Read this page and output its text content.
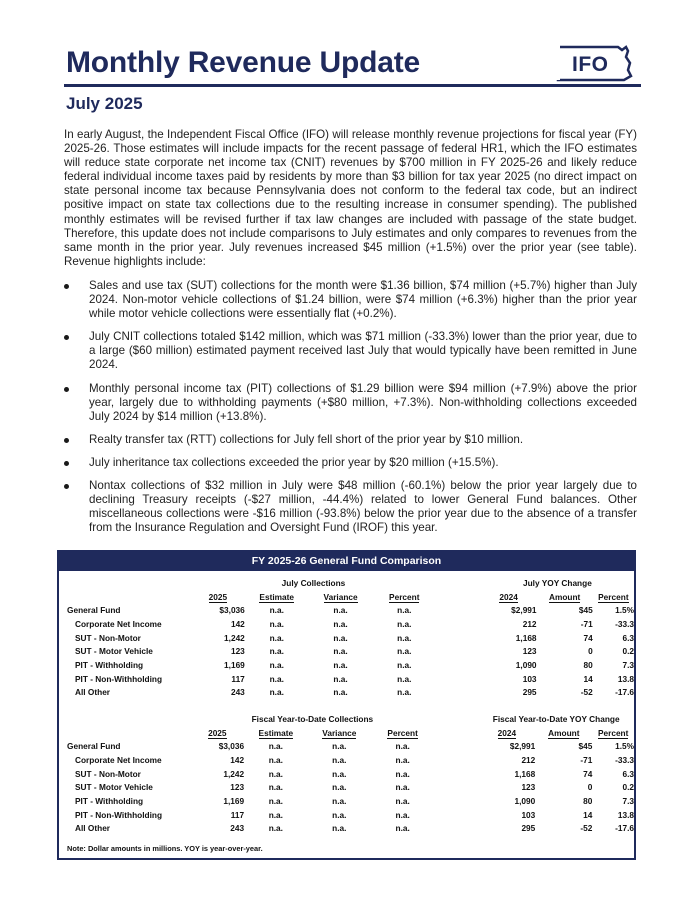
Monthly Revenue Update	IFO
July 2025
In early August, the Independent Fiscal Office (IFO) will release monthly revenue projections for fiscal year (FY) 2025-26. Those estimates will include impacts for the recent passage of federal HR1, which the IFO estimates will reduce state corporate net income tax (CNIT) revenues by $700 million in FY 2025-26 and likely reduce federal individual income taxes paid by residents by more than $3 billion for tax year 2025 (no direct impact on state personal income tax because Pennsylvania does not conform to the federal tax code, but an indirect positive impact on state tax collections due to the resulting increase in consumer spending). The published monthly estimates will be revised further if tax law changes are included with passage of the state budget. Therefore, this update does not include comparisons to July estimates and only compares to revenues from the same month in the prior year. July revenues increased $45 million (+1.5%) over the prior year (see table). Revenue highlights include:
Sales and use tax (SUT) collections for the month were $1.36 billion, $74 million (+5.7%) higher than July 2024. Non-motor vehicle collections of $1.24 billion, were $74 million (+6.3%) higher than the prior year while motor vehicle collections were essentially flat (+0.2%).
July CNIT collections totaled $142 million, which was $71 million (-33.3%) lower than the prior year, due to a large ($60 million) estimated payment received last July that would typically have been remitted in June 2024.
Monthly personal income tax (PIT) collections of $1.29 billion were $94 million (+7.9%) above the prior year, largely due to withholding payments (+$80 million, +7.3%). Non-withholding collections exceeded July 2024 by $14 million (+13.8%).
Realty transfer tax (RTT) collections for July fell short of the prior year by $10 million.
July inheritance tax collections exceeded the prior year by $20 million (+15.5%).
Nontax collections of $32 million in July were $48 million (-60.1%) below the prior year largely due to declining Treasury receipts (-$27 million, -44.4%) related to lower General Fund balances. Other miscellaneous collections were -$16 million (-93.8%) below the prior year due to the absence of a transfer from the Insurance Regulation and Oversight Fund (IROF) this year.
FY 2025-26 General Fund Comparison
	July Collections					July YOY Change		
	2025	Estimate	Variance	Percent		2024	Amount	Percent
General Fund	$3,036	n.a.	n.a.	n.a.		$2,991	$45	1.5%
Corporate Net Income	142	n.a.	n.a.	n.a.		212	-71	-33.3
SUT - Non-Motor	1,242	n.a.	n.a.	n.a.		1,168	74	6.3
SUT - Motor Vehicle	123	n.a.	n.a.	n.a.		123	0	0.2
PIT - Withholding	1,169	n.a.	n.a.	n.a.		1,090	80	7.3
PIT - Non-Withholding	117	n.a.	n.a.	n.a.		103	14	13.8
All Other	243	n.a.	n.a.	n.a.		295	-52	-17.6
	Fiscal Year-to-Date Collections					Fiscal Year-to-Date YOY Change		
	2025	Estimate	Variance	Percent		2024	Amount	Percent
General Fund	$3,036	n.a.	n.a.	n.a.		$2,991	$45	1.5%
Corporate Net Income	142	n.a.	n.a.	n.a.		212	-71	-33.3
SUT - Non-Motor	1,242	n.a.	n.a.	n.a.		1,168	74	6.3
SUT - Motor Vehicle	123	n.a.	n.a.	n.a.		123	0	0.2
PIT - Withholding	1,169	n.a.	n.a.	n.a.		1,090	80	7.3
PIT - Non-Withholding	117	n.a.	n.a.	n.a.		103	14	13.8
All Other	243	n.a.	n.a.	n.a.		295	-52	-17.6
Note: Dollar amounts in millions. YOY is year-over-year.
